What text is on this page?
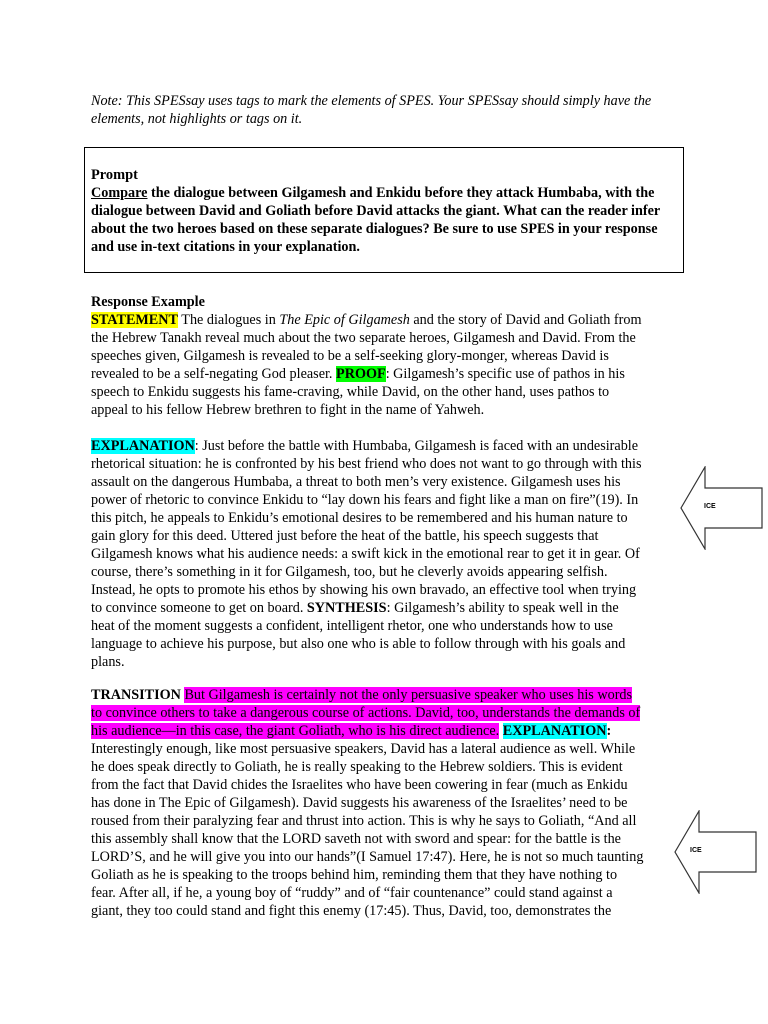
Note: This SPESsay uses tags to mark the elements of SPES. Your SPESsay should simply have the elements, not highlights or tags on it.
Prompt
Compare the dialogue between Gilgamesh and Enkidu before they attack Humbaba, with the dialogue between David and Goliath before David attacks the giant. What can the reader infer about the two heroes based on these separate dialogues? Be sure to use SPES in your response and use in-text citations in your explanation.
Response Example
STATEMENT The dialogues in The Epic of Gilgamesh and the story of David and Goliath from
the Hebrew Tanakh reveal much about the two separate heroes, Gilgamesh and David. From the
speeches given, Gilgamesh is revealed to be a self-seeking glory-monger, whereas David is
revealed to be a self-negating God pleaser. PROOF: Gilgamesh’s specific use of pathos in his
speech to Enkidu suggests his fame-craving, while David, on the other hand, uses pathos to
appeal to his fellow Hebrew brethren to fight in the name of Yahweh.
EXPLANATION: Just before the battle with Humbaba, Gilgamesh is faced with an undesirable
rhetorical situation: he is confronted by his best friend who does not want to go through with this
assault on the dangerous Humbaba, a threat to both men’s very existence. Gilgamesh uses his
power of rhetoric to convince Enkidu to “lay down his fears and fight like a man on fire”(19). In
this pitch, he appeals to Enkidu’s emotional desires to be remembered and his human nature to
gain glory for this deed. Uttered just before the heat of the battle, his speech suggests that
Gilgamesh knows what his audience needs: a swift kick in the emotional rear to get it in gear. Of
course, there’s something in it for Gilgamesh, too, but he cleverly avoids appearing selfish.
Instead, he opts to promote his ethos by showing his own bravado, an effective tool when trying
to convince someone to get on board. SYNTHESIS: Gilgamesh’s ability to speak well in the
heat of the moment suggests a confident, intelligent rhetor, one who understands how to use
language to achieve his purpose, but also one who is able to follow through with his goals and
plans.
TRANSITION But Gilgamesh is certainly not the only persuasive speaker who uses his words
to convince others to take a dangerous course of actions. David, too, understands the demands of
his audience—in this case, the giant Goliath, who is his direct audience. EXPLANATION:
Interestingly enough, like most persuasive speakers, David has a lateral audience as well. While
he does speak directly to Goliath, he is really speaking to the Hebrew soldiers. This is evident
from the fact that David chides the Israelites who have been cowering in fear (much as Enkidu
has done in The Epic of Gilgamesh). David suggests his awareness of the Israelites’ need to be
roused from their paralyzing fear and thrust into action. This is why he says to Goliath, “And all
this assembly shall know that the LORD saveth not with sword and spear: for the battle is the
LORD’S, and he will give you into our hands”(I Samuel 17:47). Here, he is not so much taunting
Goliath as he is speaking to the troops behind him, reminding them that they have nothing to
fear. After all, if he, a young boy of “ruddy” and of “fair countenance” could stand against a
giant, they too could stand and fight this enemy (17:45). Thus, David, too, demonstrates the
ICE
ICE
